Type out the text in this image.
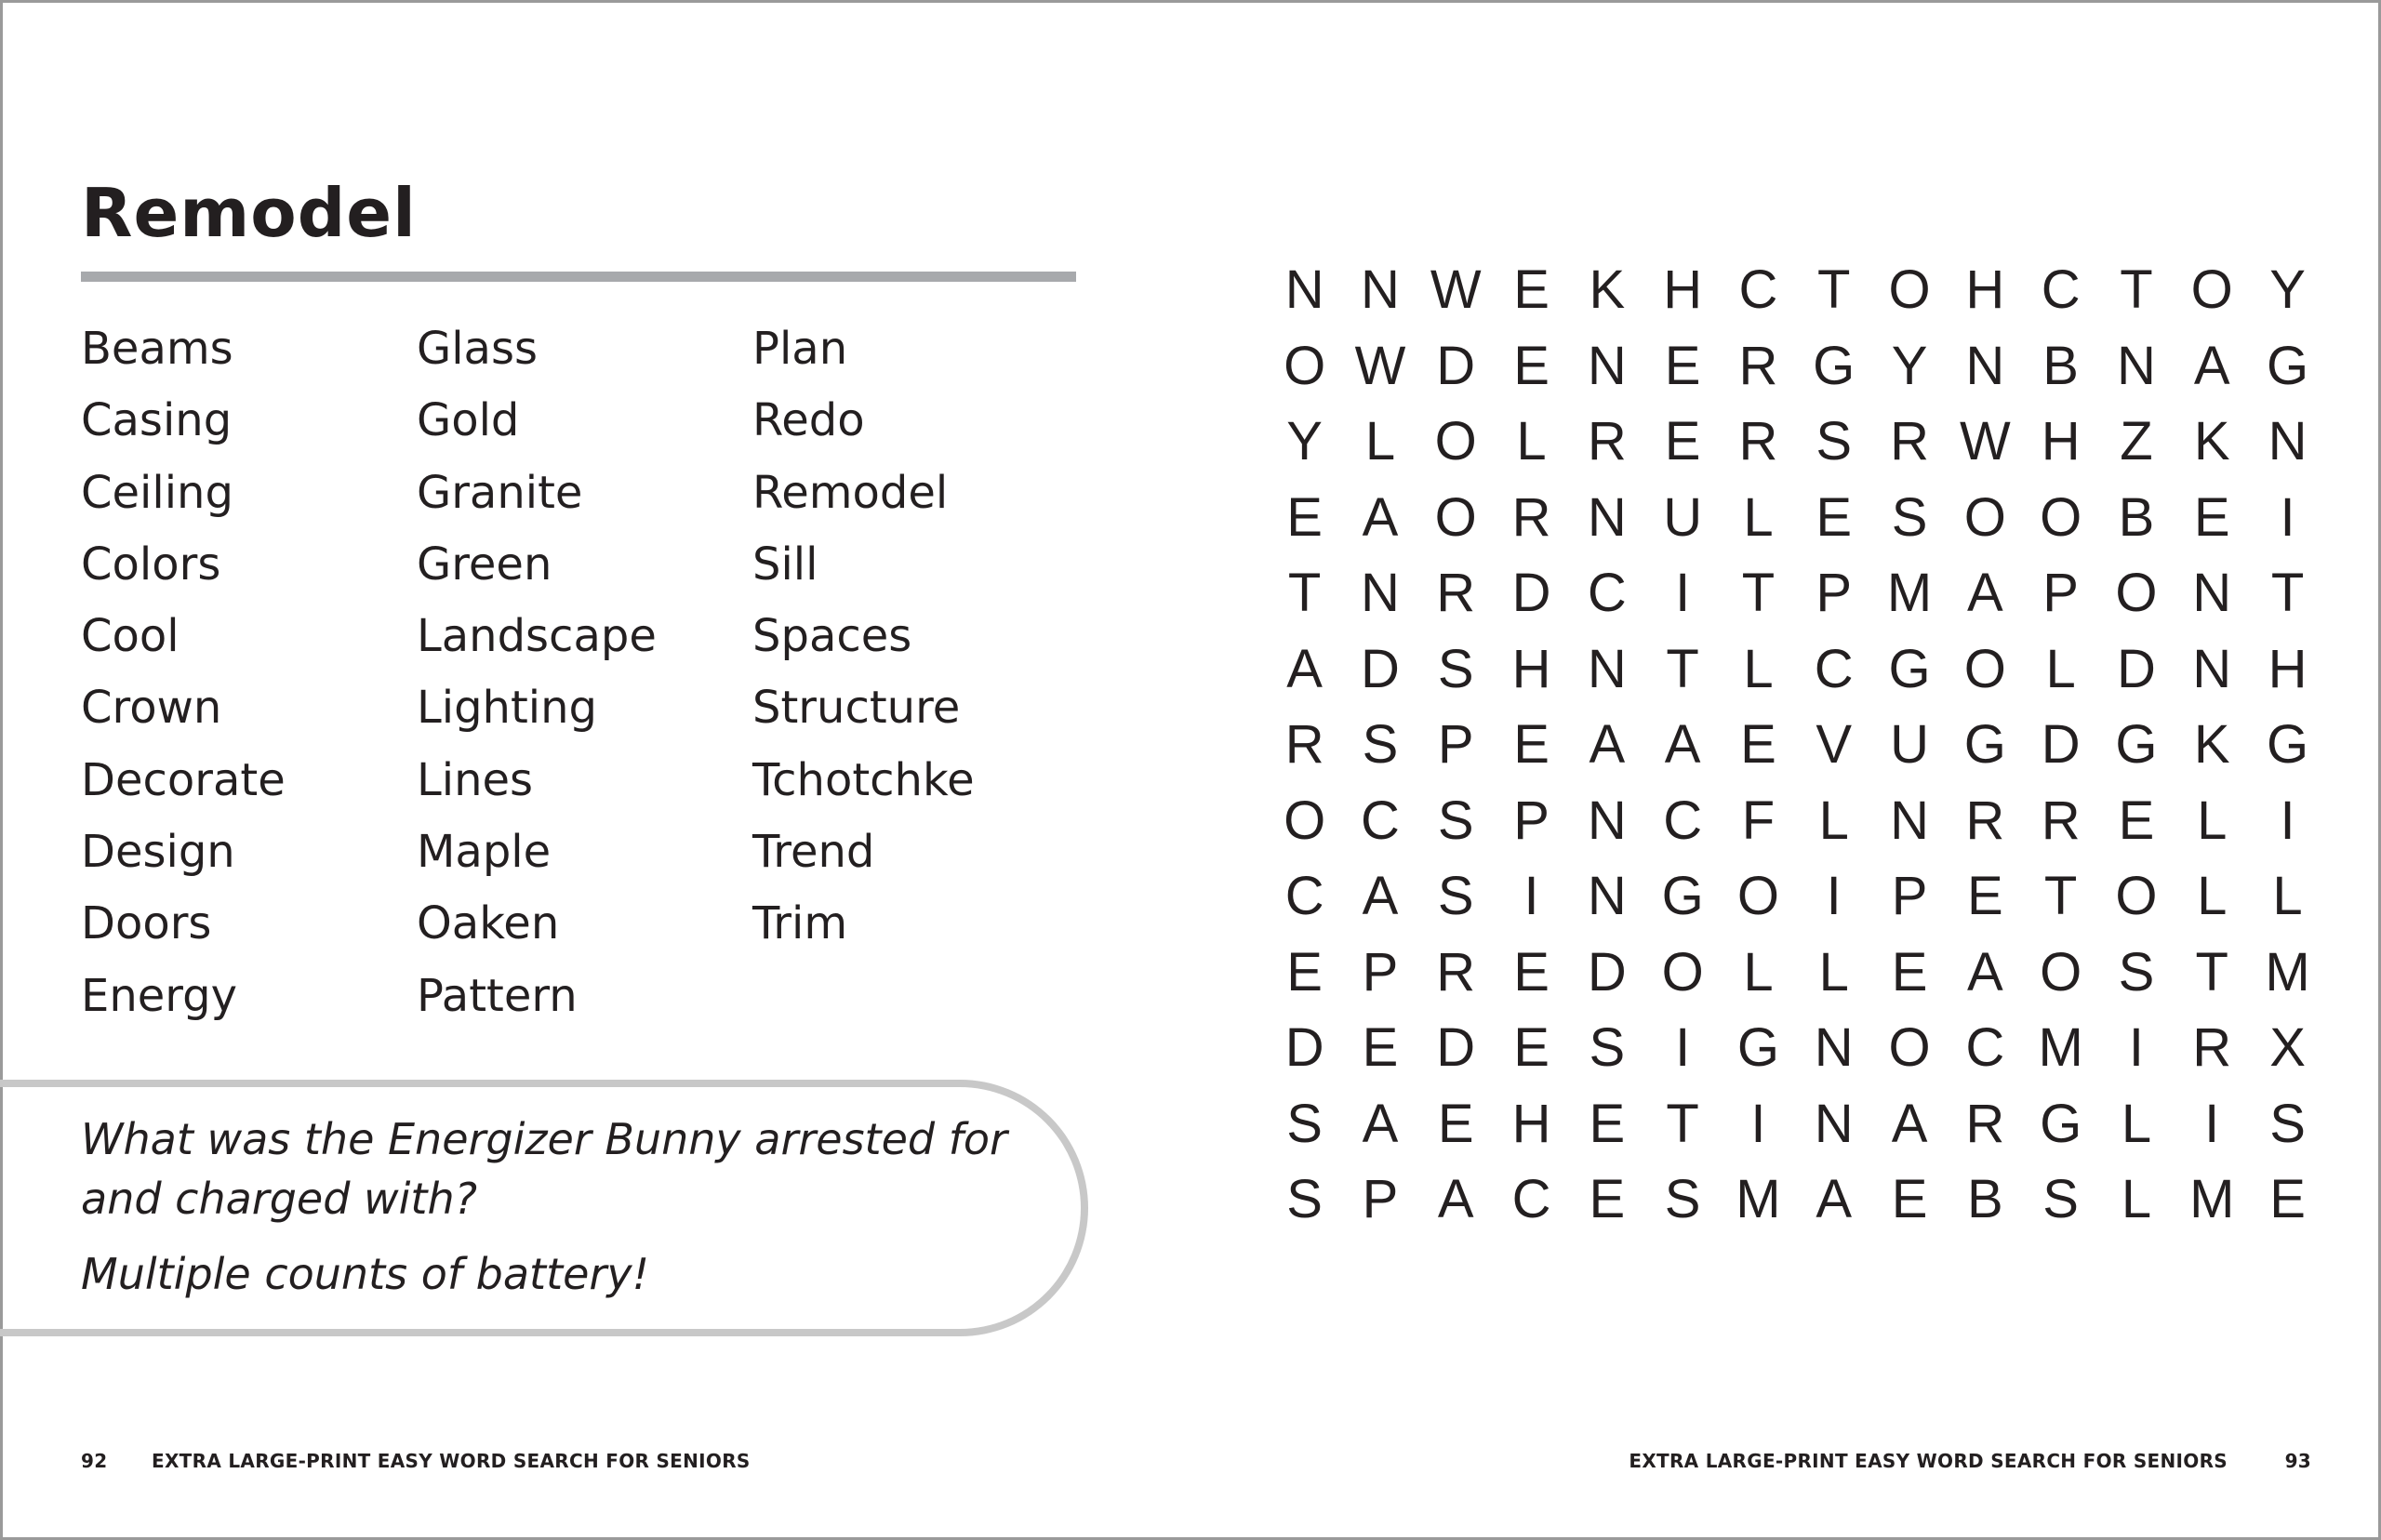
Remodel
Beams
Casing
Ceiling
Colors
Cool
Crown
Decorate
Design
Doors
Energy
Glass
Gold
Granite
Green
Landscape
Lighting
Lines
Maple
Oaken
Pattern
Plan
Redo
Remodel
Sill
Spaces
Structure
Tchotchke
Trend
Trim
What was the Energizer Bunny arrested for and charged with?
Multiple counts of battery!
N N W E K H C T O H C T O Y
O W D E N E R G Y N B N A G
Y L O L R E R S R W H Z K N
E A O R N U L E S O O B E I
T N R D C I T P M A P O N T
A D S H N T L C G O L D N H
R S P E A A E V U G D G K G
O C S P N C F L N R R E L I
C A S I N G O I P E T O L L
E P R E D O L L E A O S T M
D E D E S I G N O C M I R X
S A E H E T I N A R G L I S
S P A C E S M A E B S L M E
92 EXTRA LARGE-PRINT EASY WORD SEARCH FOR SENIORS	EXTRA LARGE-PRINT EASY WORD SEARCH FOR SENIORS	93
